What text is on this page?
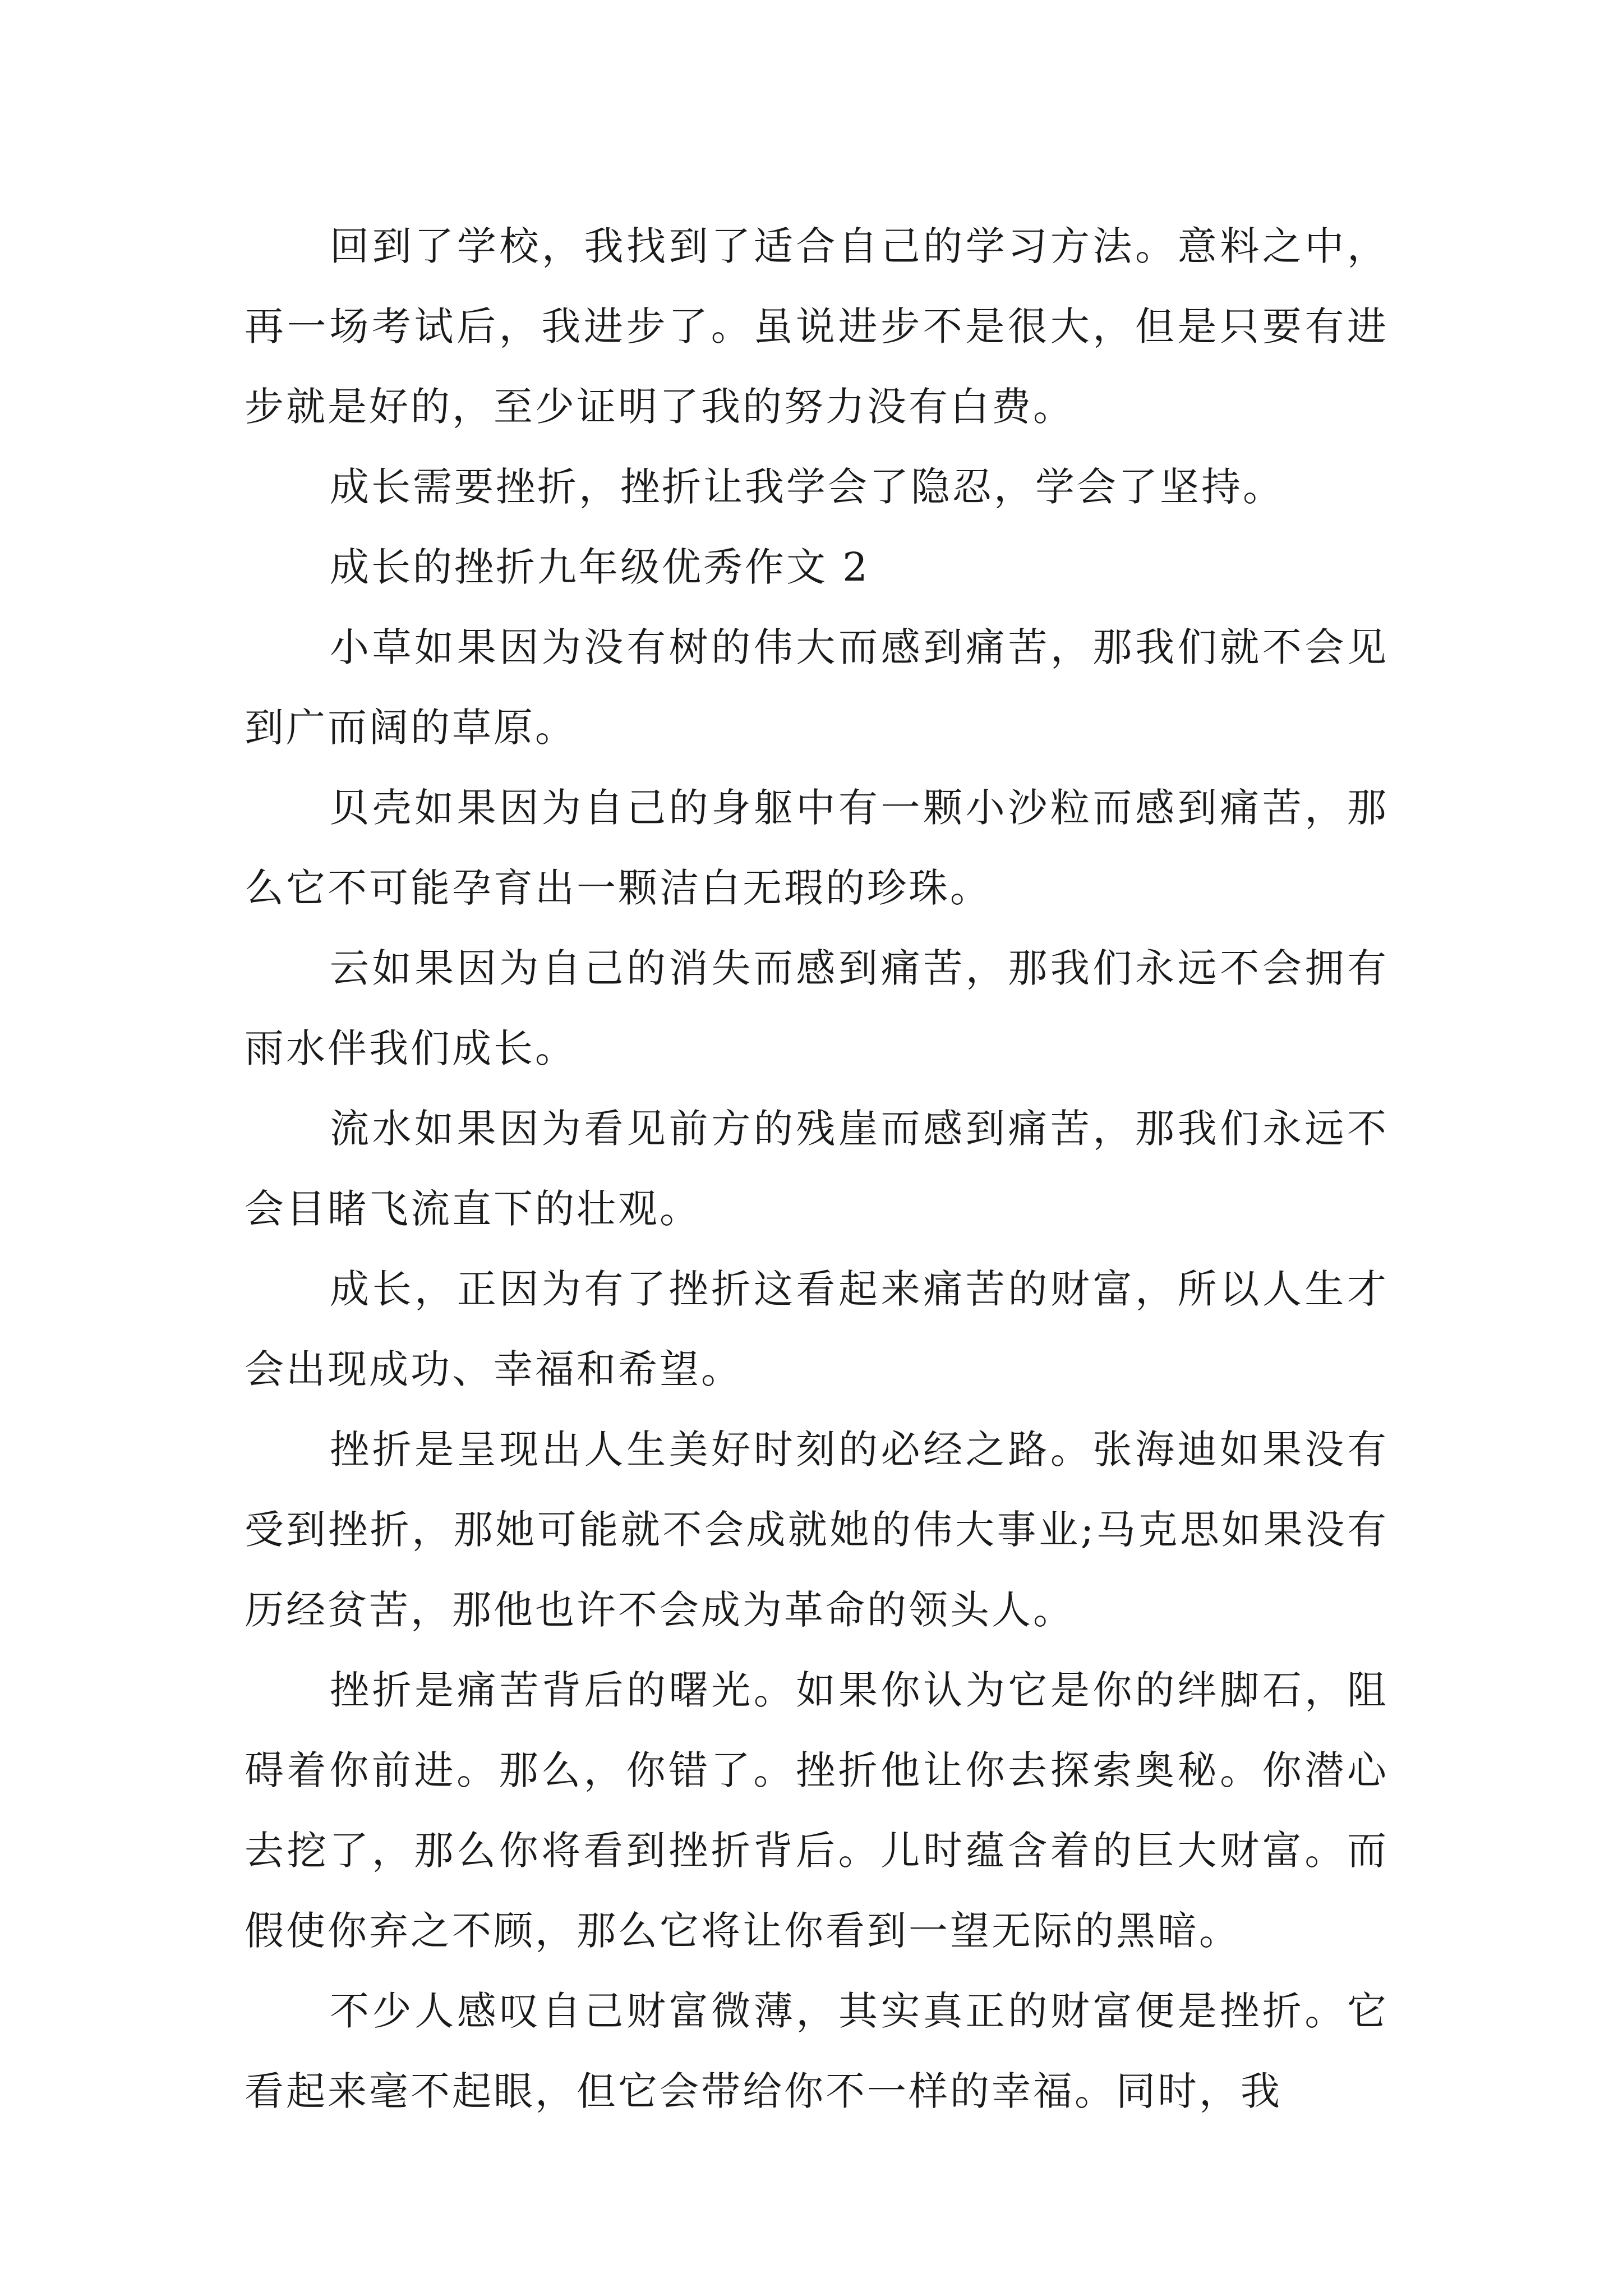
回到了学校，我找到了适合自己的学习方法。意料之中，再一场考试后，我进步了。虽说进步不是很大，但是只要有进步就是好的，至少证明了我的努力没有白费。

成长需要挫折，挫折让我学会了隐忍，学会了坚持。

成长的挫折九年级优秀作文 2

小草如果因为没有树的伟大而感到痛苦，那我们就不会见到广而阔的草原。

贝壳如果因为自己的身躯中有一颗小沙粒而感到痛苦，那么它不可能孕育出一颗洁白无瑕的珍珠。

云如果因为自己的消失而感到痛苦，那我们永远不会拥有雨水伴我们成长。

流水如果因为看见前方的残崖而感到痛苦，那我们永远不会目睹飞流直下的壮观。

成长，正因为有了挫折这看起来痛苦的财富，所以人生才会出现成功、幸福和希望。

挫折是呈现出人生美好时刻的必经之路。张海迪如果没有受到挫折，那她可能就不会成就她的伟大事业;马克思如果没有历经贫苦，那他也许不会成为革命的领头人。

挫折是痛苦背后的曙光。如果你认为它是你的绊脚石，阻碍着你前进。那么，你错了。挫折他让你去探索奥秘。你潜心去挖了，那么你将看到挫折背后。儿时蕴含着的巨大财富。而假使你弃之不顾，那么它将让你看到一望无际的黑暗。

不少人感叹自己财富微薄，其实真正的财富便是挫折。它看起来毫不起眼，但它会带给你不一样的幸福。同时，我
